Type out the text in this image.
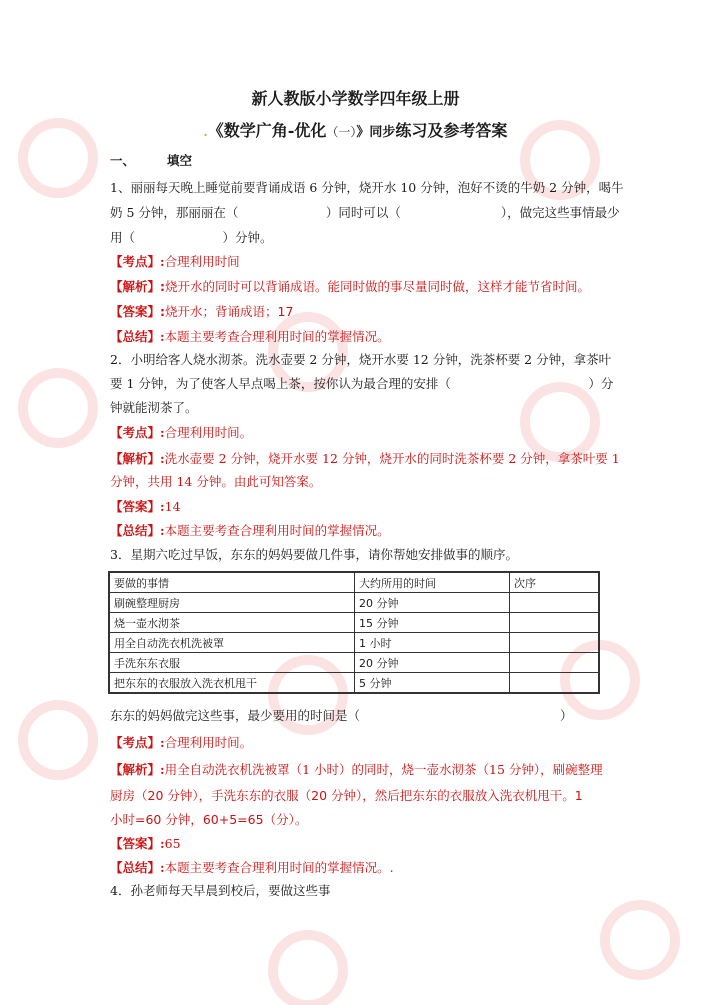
新人教版小学数学四年级上册
.《数学广角-优化（一）》同步练习及参考答案
一、	填空
1、丽丽每天晚上睡觉前要背诵成语 6 分钟，烧开水 10 分钟，泡好不烫的牛奶 2 分钟，喝牛
奶 5 分钟，那丽丽在（　　　　　　　）同时可以（　　　　　　　　），做完这些事情最少
用（　　　　　　　）分钟。
【考点】:合理利用时间
【解析】:烧开水的同时可以背诵成语。能同时做的事尽量同时做，这样才能节省时间。
【答案】:烧开水；背诵成语；17
【总结】:本题主要考查合理利用时间的掌握情况。
2．小明给客人烧水沏茶。洗水壶要 2 分钟，烧开水要 12 分钟，洗茶杯要 2 分钟，拿茶叶
要 1 分钟，为了使客人早点喝上茶，按你认为最合理的安排（　　　　　　　　　　　）分
钟就能沏茶了。
【考点】:合理利用时间。
【解析】:洗水壶要 2 分钟，烧开水要 12 分钟，烧开水的同时洗茶杯要 2 分钟，拿茶叶要 1
分钟，共用 14 分钟。由此可知答案。
【答案】:14
【总结】:本题主要考查合理利用时间的掌握情况。
3．星期六吃过早饭，东东的妈妈要做几件事，请你帮她安排做事的顺序。
要做的事情	大约所用的时间	次序
刷碗整理厨房	20 分钟	
烧一壶水沏茶	15 分钟	
用全自动洗衣机洗被罩	1 小时	
手洗东东衣服	20 分钟	
把东东的衣服放入洗衣机甩干	5 分钟	
东东的妈妈做完这些事，最少要用的时间是（　　　　　　　　　　　　　　　　）
【考点】:合理利用时间。
【解析】:用全自动洗衣机洗被罩（1 小时）的同时，烧一壶水沏茶（15 分钟），刷碗整理
厨房（20 分钟），手洗东东的衣服（20 分钟），然后把东东的衣服放入洗衣机甩干。1
小时=60 分钟，60+5=65（分）。
【答案】:65
【总结】:本题主要考查合理利用时间的掌握情况。.
4．孙老师每天早晨到校后，要做这些事
